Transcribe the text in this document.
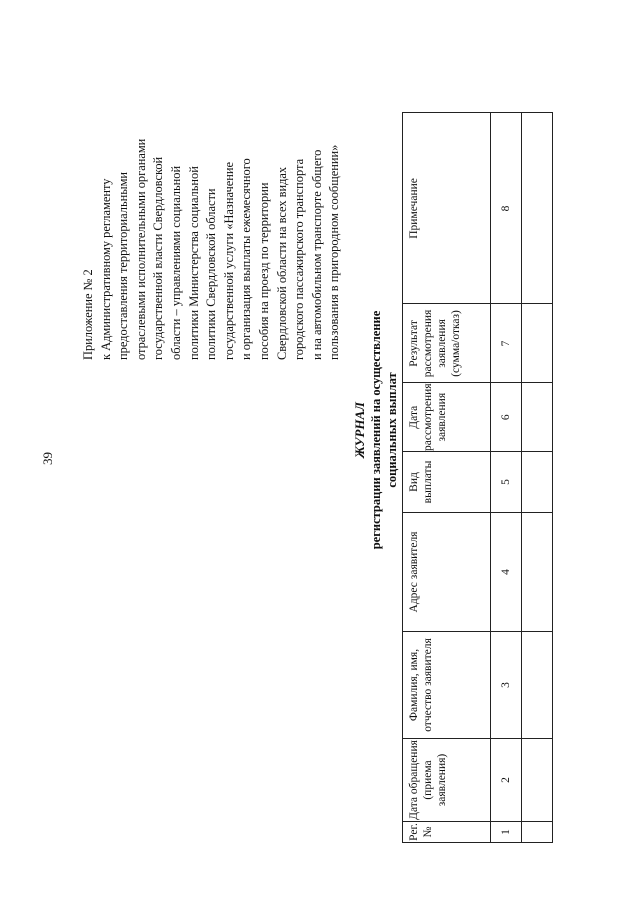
39
Приложение № 2 к Административному регламенту предоставления территориальными отраслевыми исполнительными органами государственной власти Свердловской области – управлениями социальной политики Министерства социальной политики Свердловской области государственной услуги «Назначение и организация выплаты ежемесячного пособия на проезд по территории Свердловской области на всех видах городского пассажирского транспорта и на автомобильном транспорте общего пользования в пригородном сообщении»
ЖУРНАЛ регистрации заявлений на осуществление социальных выплат
Рег. №	Дата обращения (приема заявления)	Фамилия, имя, отчество заявителя	Адрес заявителя	Вид выплаты	Дата рассмотрения заявления	Результат рассмотрения заявления (сумма/отказ)	Примечание
1	2	3	4	5	6	7	8
